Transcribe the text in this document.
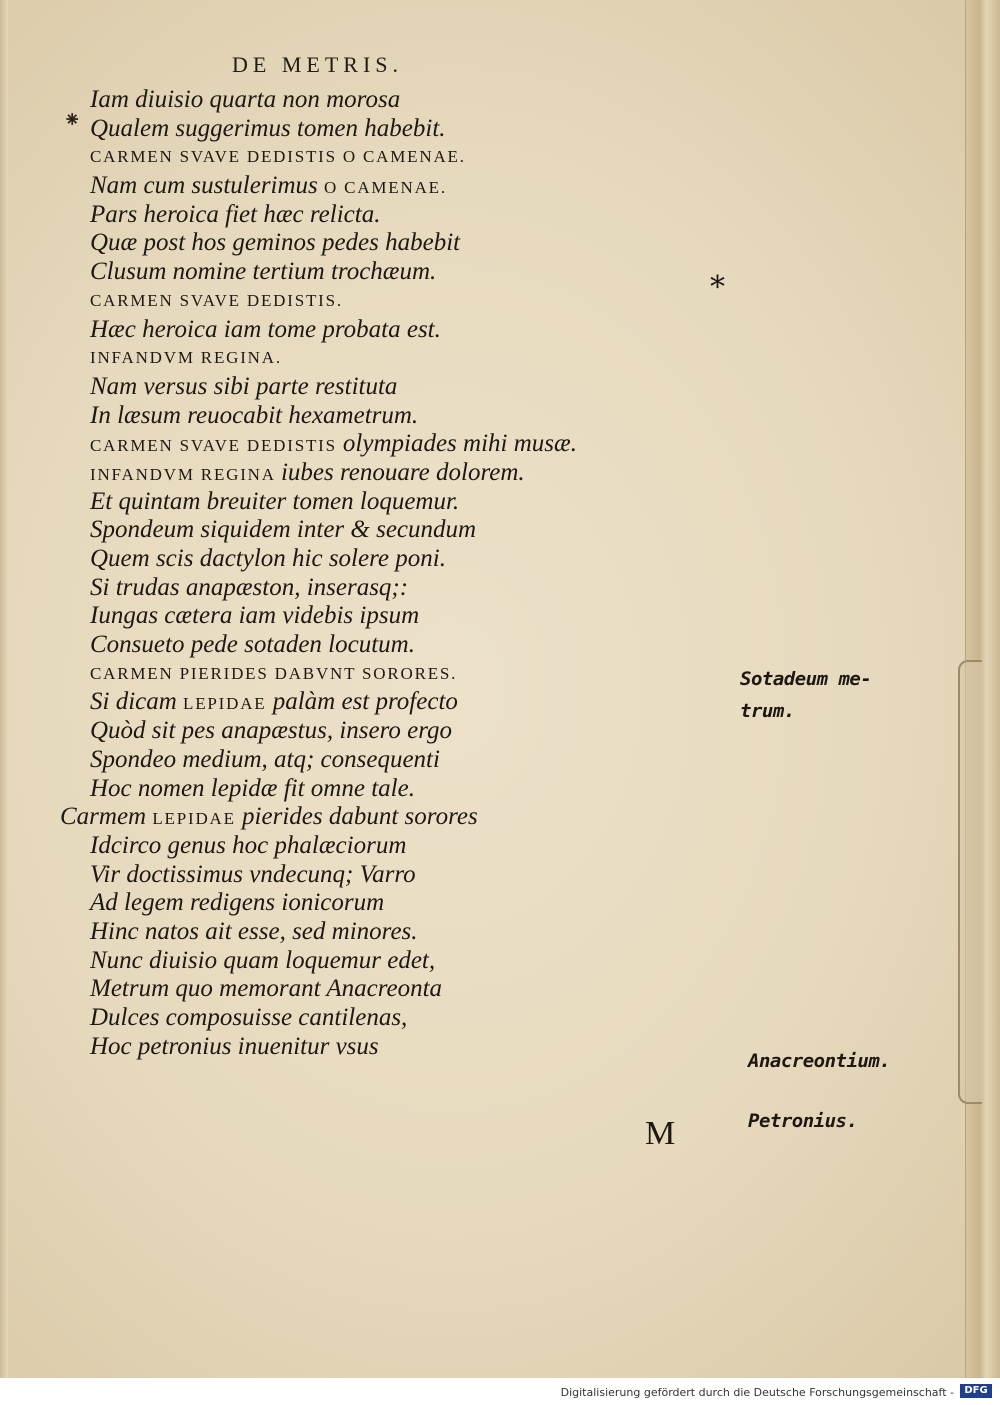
DE METRIS.
⁕
Iam diuisio quarta non morosa
Qualem suggerimus tomen habebit.
CARMEN SVAVE DEDISTIS O CAMENAE.
Nam cum sustulerimus O CAMENAE.
Pars heroica fiet hæc relicta.
Quæ post hos geminos pedes habebit
Clusum nomine tertium trochæum.
CARMEN SVAVE DEDISTIS.
Hæc heroica iam tome probata est.
INFANDVM REGINA.
Nam versus sibi parte restituta
In læsum reuocabit hexametrum.
CARMEN SVAVE DEDISTIS olympiades mihi musæ.
INFANDVM REGINA iubes renouare dolorem.
Et quintam breuiter tomen loquemur.
Spondeum siquidem inter & secundum
Quem scis dactylon hic solere poni.
Si trudas anapæston, inserasq;:
Iungas cætera iam videbis ipsum
Consueto pede sotaden locutum.
CARMEN PIERIDES DABVNT SORORES.
Si dicam LEPIDAE palàm est profecto
Quòd sit pes anapæstus, insero ergo
Spondeo medium, atq; consequenti
Hoc nomen lepidæ fit omne tale.
Carmem LEPIDAE pierides dabunt sorores
Idcirco genus hoc phalæciorum
Vir doctissimus vndecunq; Varro
Ad legem redigens ionicorum
Hinc natos ait esse, sed minores.
Nunc diuisio quam loquemur edet,
Metrum quo memorant Anacreonta
Dulces composuisse cantilenas,
Hoc petronius inuenitur vsus
*
Sotadeum me-
trum.
Anacreontium.
Petronius.
M
Digitalisierung gefördert durch die Deutsche Forschungsgemeinschaft -	DFG
